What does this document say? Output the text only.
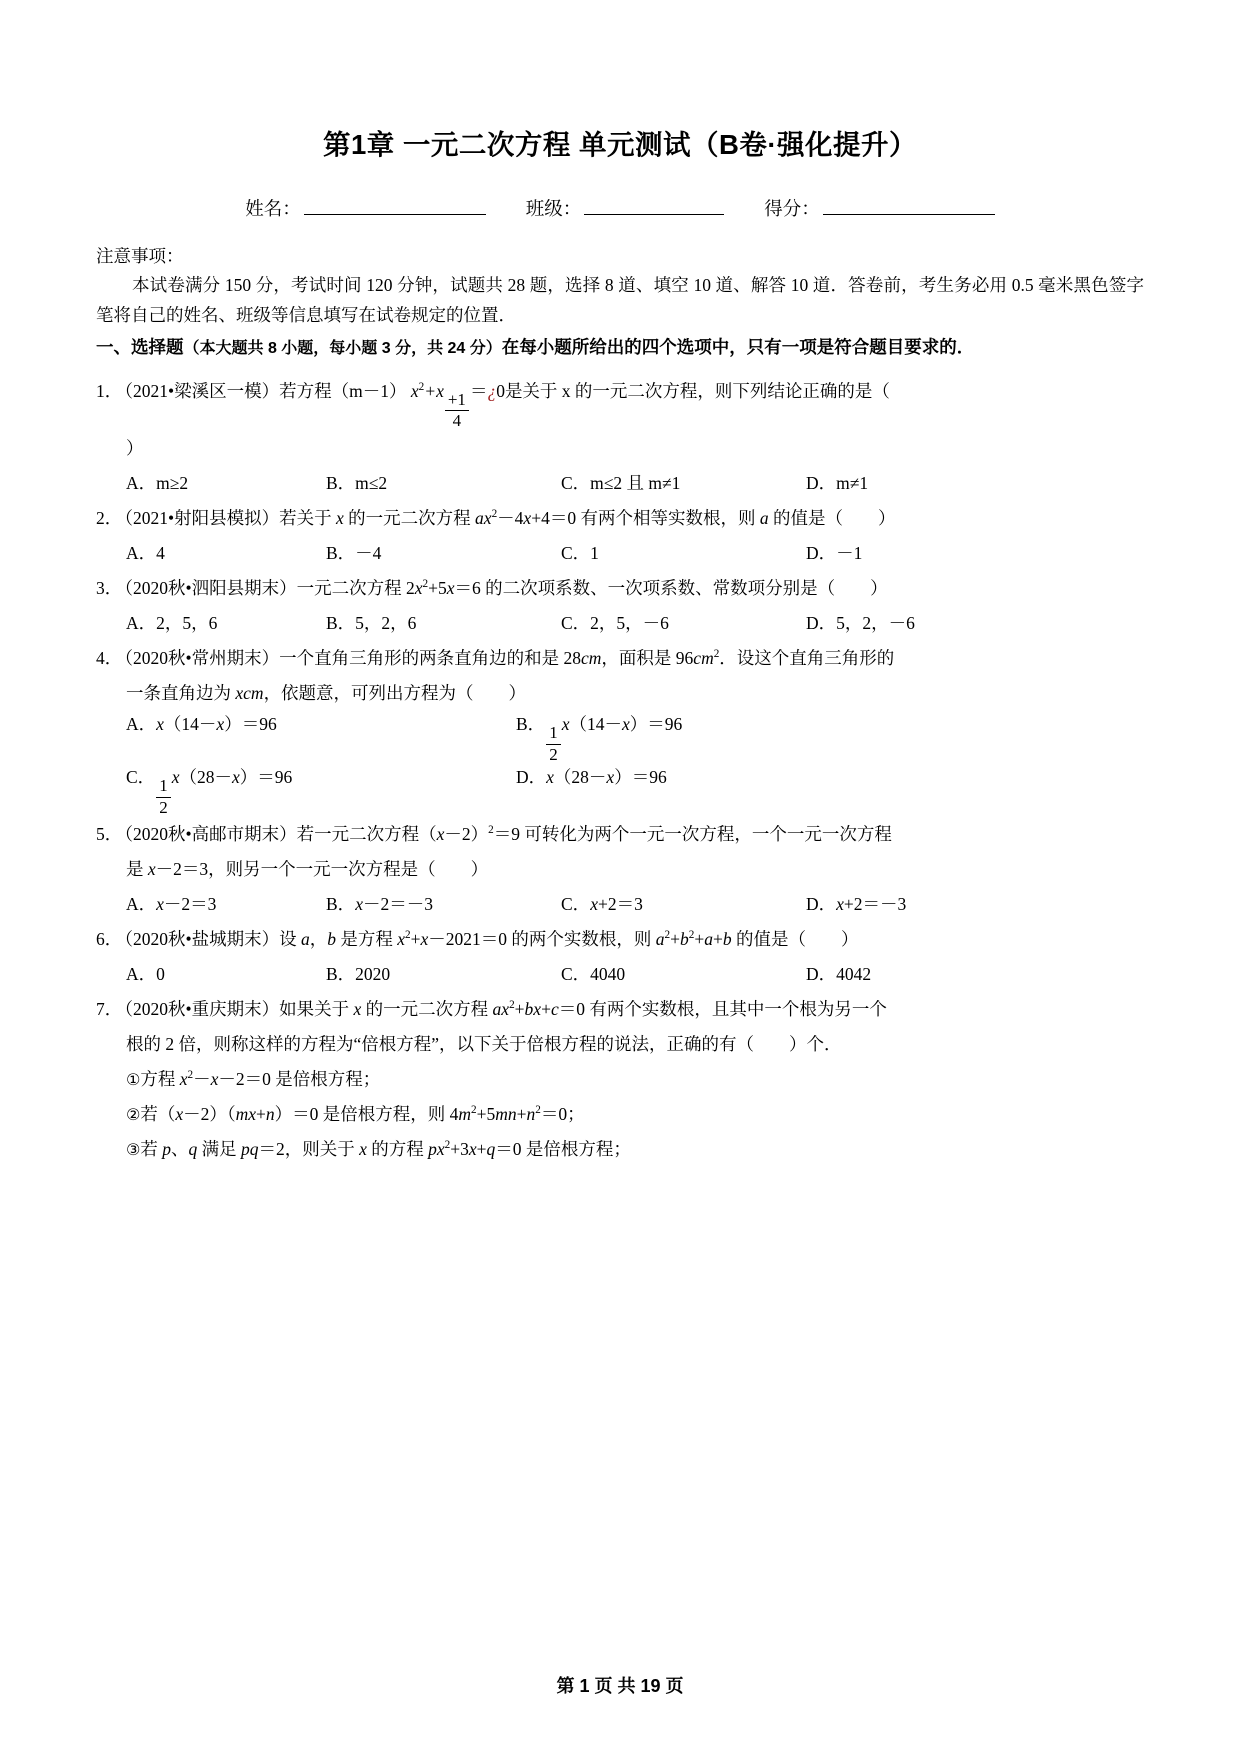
第1章 一元二次方程 单元测试（B卷·强化提升）
姓名：	班级：	得分：
注意事项：
本试卷满分 150 分，考试时间 120 分钟，试题共 28 题，选择 8 道、填空 10 道、解答 10 道．答卷前，考生务必用 0.5 毫米黑色签字笔将自己的姓名、班级等信息填写在试卷规定的位置．
一、选择题（本大题共 8 小题，每小题 3 分，共 24 分）在每小题所给出的四个选项中，只有一项是符合题目要求的．
1． （2021•梁溪区一模）若方程（m－1） $x^2+x$
$\frac{+1}{4}$
＝¿0是关于 x 的一元二次方程，则下列结论正确的是（
）
A．m≥2	B．m≤2	C．m≤2 且 m≠1	D．m≠1
2． （2021•射阳县模拟）若关于 x 的一元二次方程 $ax^2-4x+4=0$ 有两个相等实数根，则 a 的值是（　　）
A．4	B．－4	C．1	D．－1
3． （2020秋•泗阳县期末）一元二次方程 $2x^2+5x=6$ 的二次项系数、一次项系数、常数项分别是（　　）
A．2，5，6	B．5，2，6	C．2，5，－6	D．5，2，－6
4． （2020秋•常州期末）一个直角三角形的两条直角边的和是 28cm，面积是 $96cm^2$．设这个直角三角形的
一条直角边为 xcm，依题意，可列出方程为（　　）
A．x（14－x）＝96	B．
$\frac{1}{2}$
x（14－x）＝96
C．
$\frac{1}{2}$
x（28－x）＝96	D．x（28－x）＝96
5． （2020秋•高邮市期末）若一元二次方程$(x-2)^2=9$ 可转化为两个一元一次方程，一个一元一次方程
是 x－2＝3，则另一个一元一次方程是（　　）
A．x－2＝3	B．x－2＝－3	C．x+2＝3	D．x+2＝－3
6． （2020秋•盐城期末）设 a，b 是方程 $x^2+x-2021=0$ 的两个实数根，则 $a^2+b^2+a+b$ 的值是（　　）
A．0	B．2020	C．4040	D．4042
7． （2020秋•重庆期末）如果关于 x 的一元二次方程 $ax^2+bx+c=0$ 有两个实数根，且其中一个根为另一个
根的 2 倍，则称这样的方程为“倍根方程”，以下关于倍根方程的说法，正确的有（　　）个．
①方程 $x^2-x-2=0$ 是倍根方程；
②若（x－2）（mx+n）＝0 是倍根方程，则 $4m^2+5mn+n^2=0$；
③若 p、q 满足 pq＝2，则关于 x 的方程 $px^2+3x+q=0$ 是倍根方程；
第 1 页 共 19 页
